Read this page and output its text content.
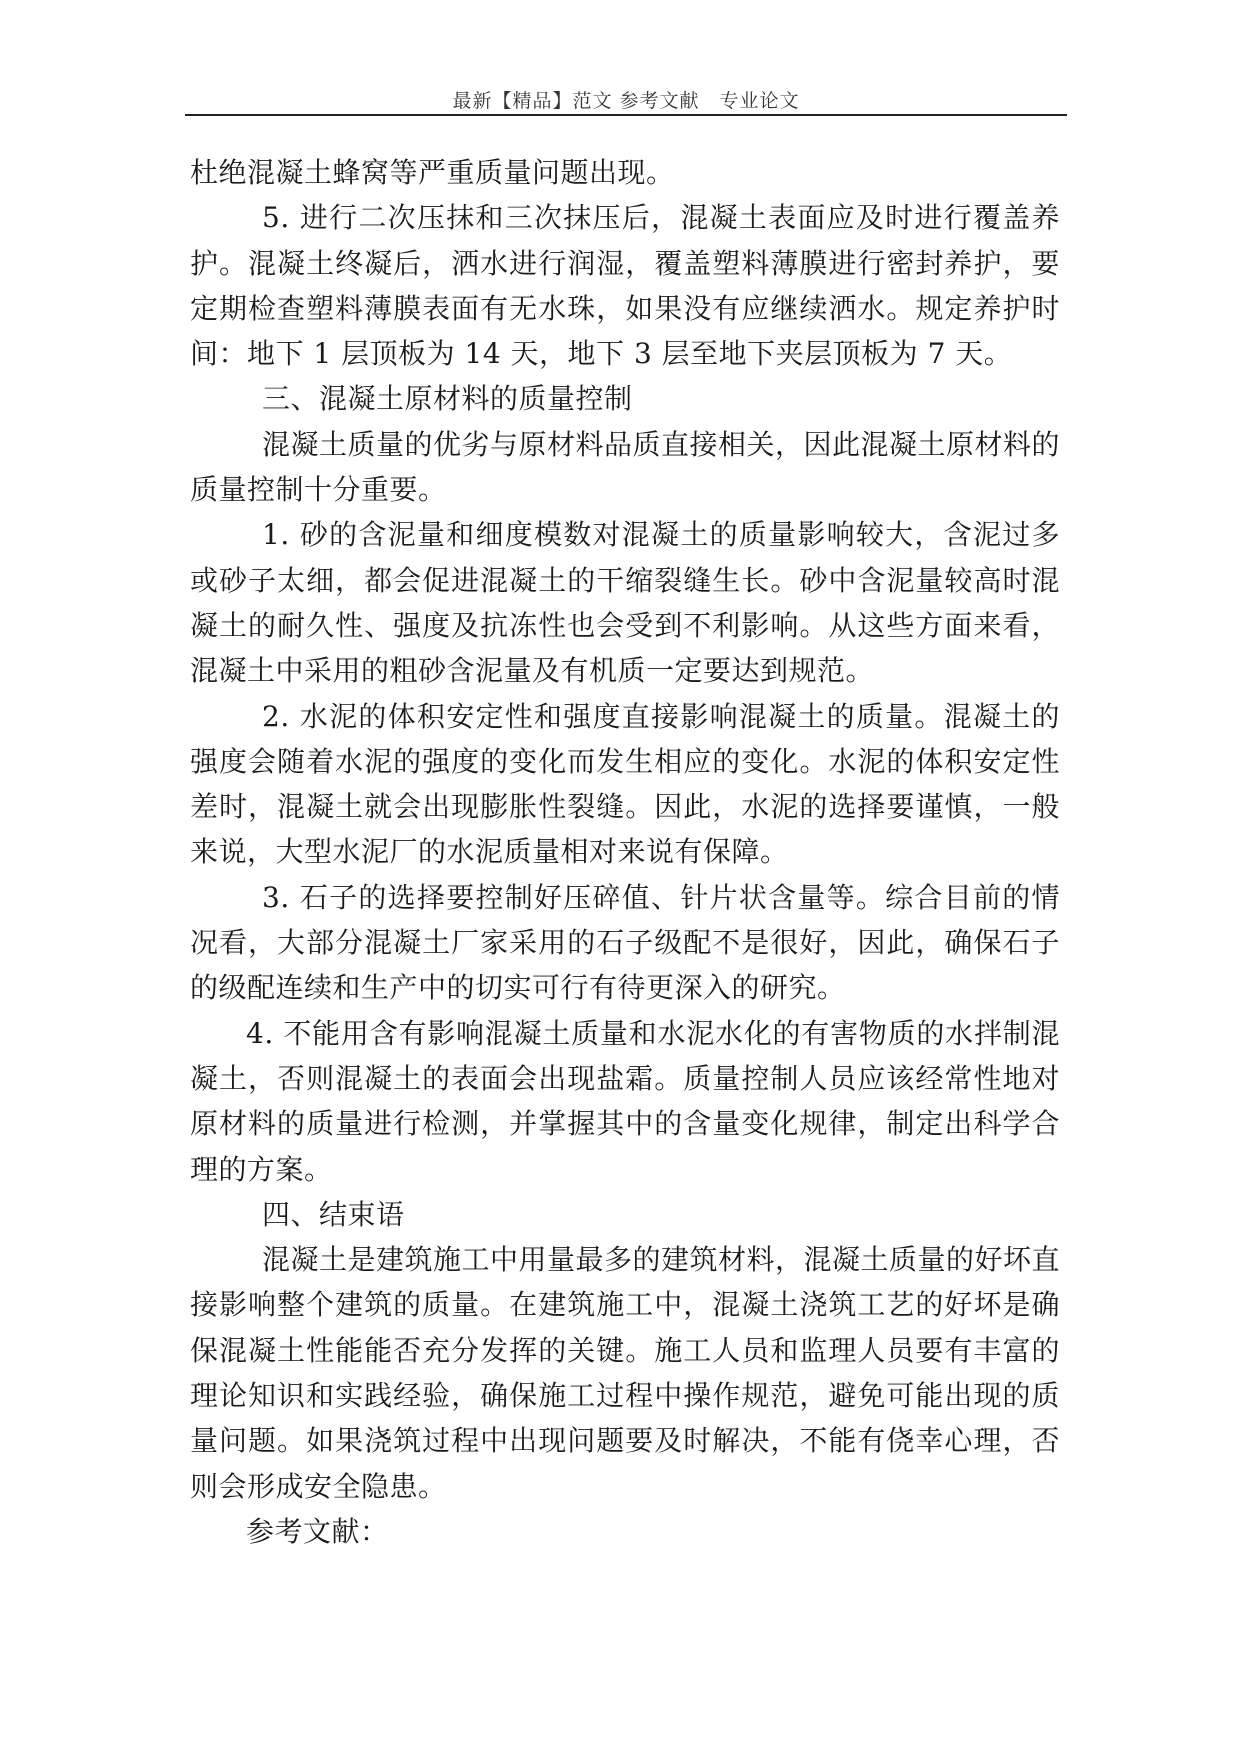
最新【精品】范文 参考文献　专业论文

杜绝混凝土蜂窝等严重质量问题出现。

5. 进行二次压抹和三次抹压后，混凝土表面应及时进行覆盖养护。混凝土终凝后，洒水进行润湿，覆盖塑料薄膜进行密封养护，要定期检查塑料薄膜表面有无水珠，如果没有应继续洒水。规定养护时间：地下 1 层顶板为 14 天，地下 3 层至地下夹层顶板为 7 天。

三、混凝土原材料的质量控制

混凝土质量的优劣与原材料品质直接相关，因此混凝土原材料的质量控制十分重要。

1. 砂的含泥量和细度模数对混凝土的质量影响较大，含泥过多或砂子太细，都会促进混凝土的干缩裂缝生长。砂中含泥量较高时混凝土的耐久性、强度及抗冻性也会受到不利影响。从这些方面来看，混凝土中采用的粗砂含泥量及有机质一定要达到规范。

2. 水泥的体积安定性和强度直接影响混凝土的质量。混凝土的强度会随着水泥的强度的变化而发生相应的变化。水泥的体积安定性差时，混凝土就会出现膨胀性裂缝。因此，水泥的选择要谨慎，一般来说，大型水泥厂的水泥质量相对来说有保障。

3. 石子的选择要控制好压碎值、针片状含量等。综合目前的情况看，大部分混凝土厂家采用的石子级配不是很好，因此，确保石子的级配连续和生产中的切实可行有待更深入的研究。

4. 不能用含有影响混凝土质量和水泥水化的有害物质的水拌制混凝土，否则混凝土的表面会出现盐霜。质量控制人员应该经常性地对原材料的质量进行检测，并掌握其中的含量变化规律，制定出科学合理的方案。

四、结束语

混凝土是建筑施工中用量最多的建筑材料，混凝土质量的好坏直接影响整个建筑的质量。在建筑施工中，混凝土浇筑工艺的好坏是确保混凝土性能能否充分发挥的关键。施工人员和监理人员要有丰富的理论知识和实践经验，确保施工过程中操作规范，避免可能出现的质量问题。如果浇筑过程中出现问题要及时解决，不能有侥幸心理，否则会形成安全隐患。

参考文献：
